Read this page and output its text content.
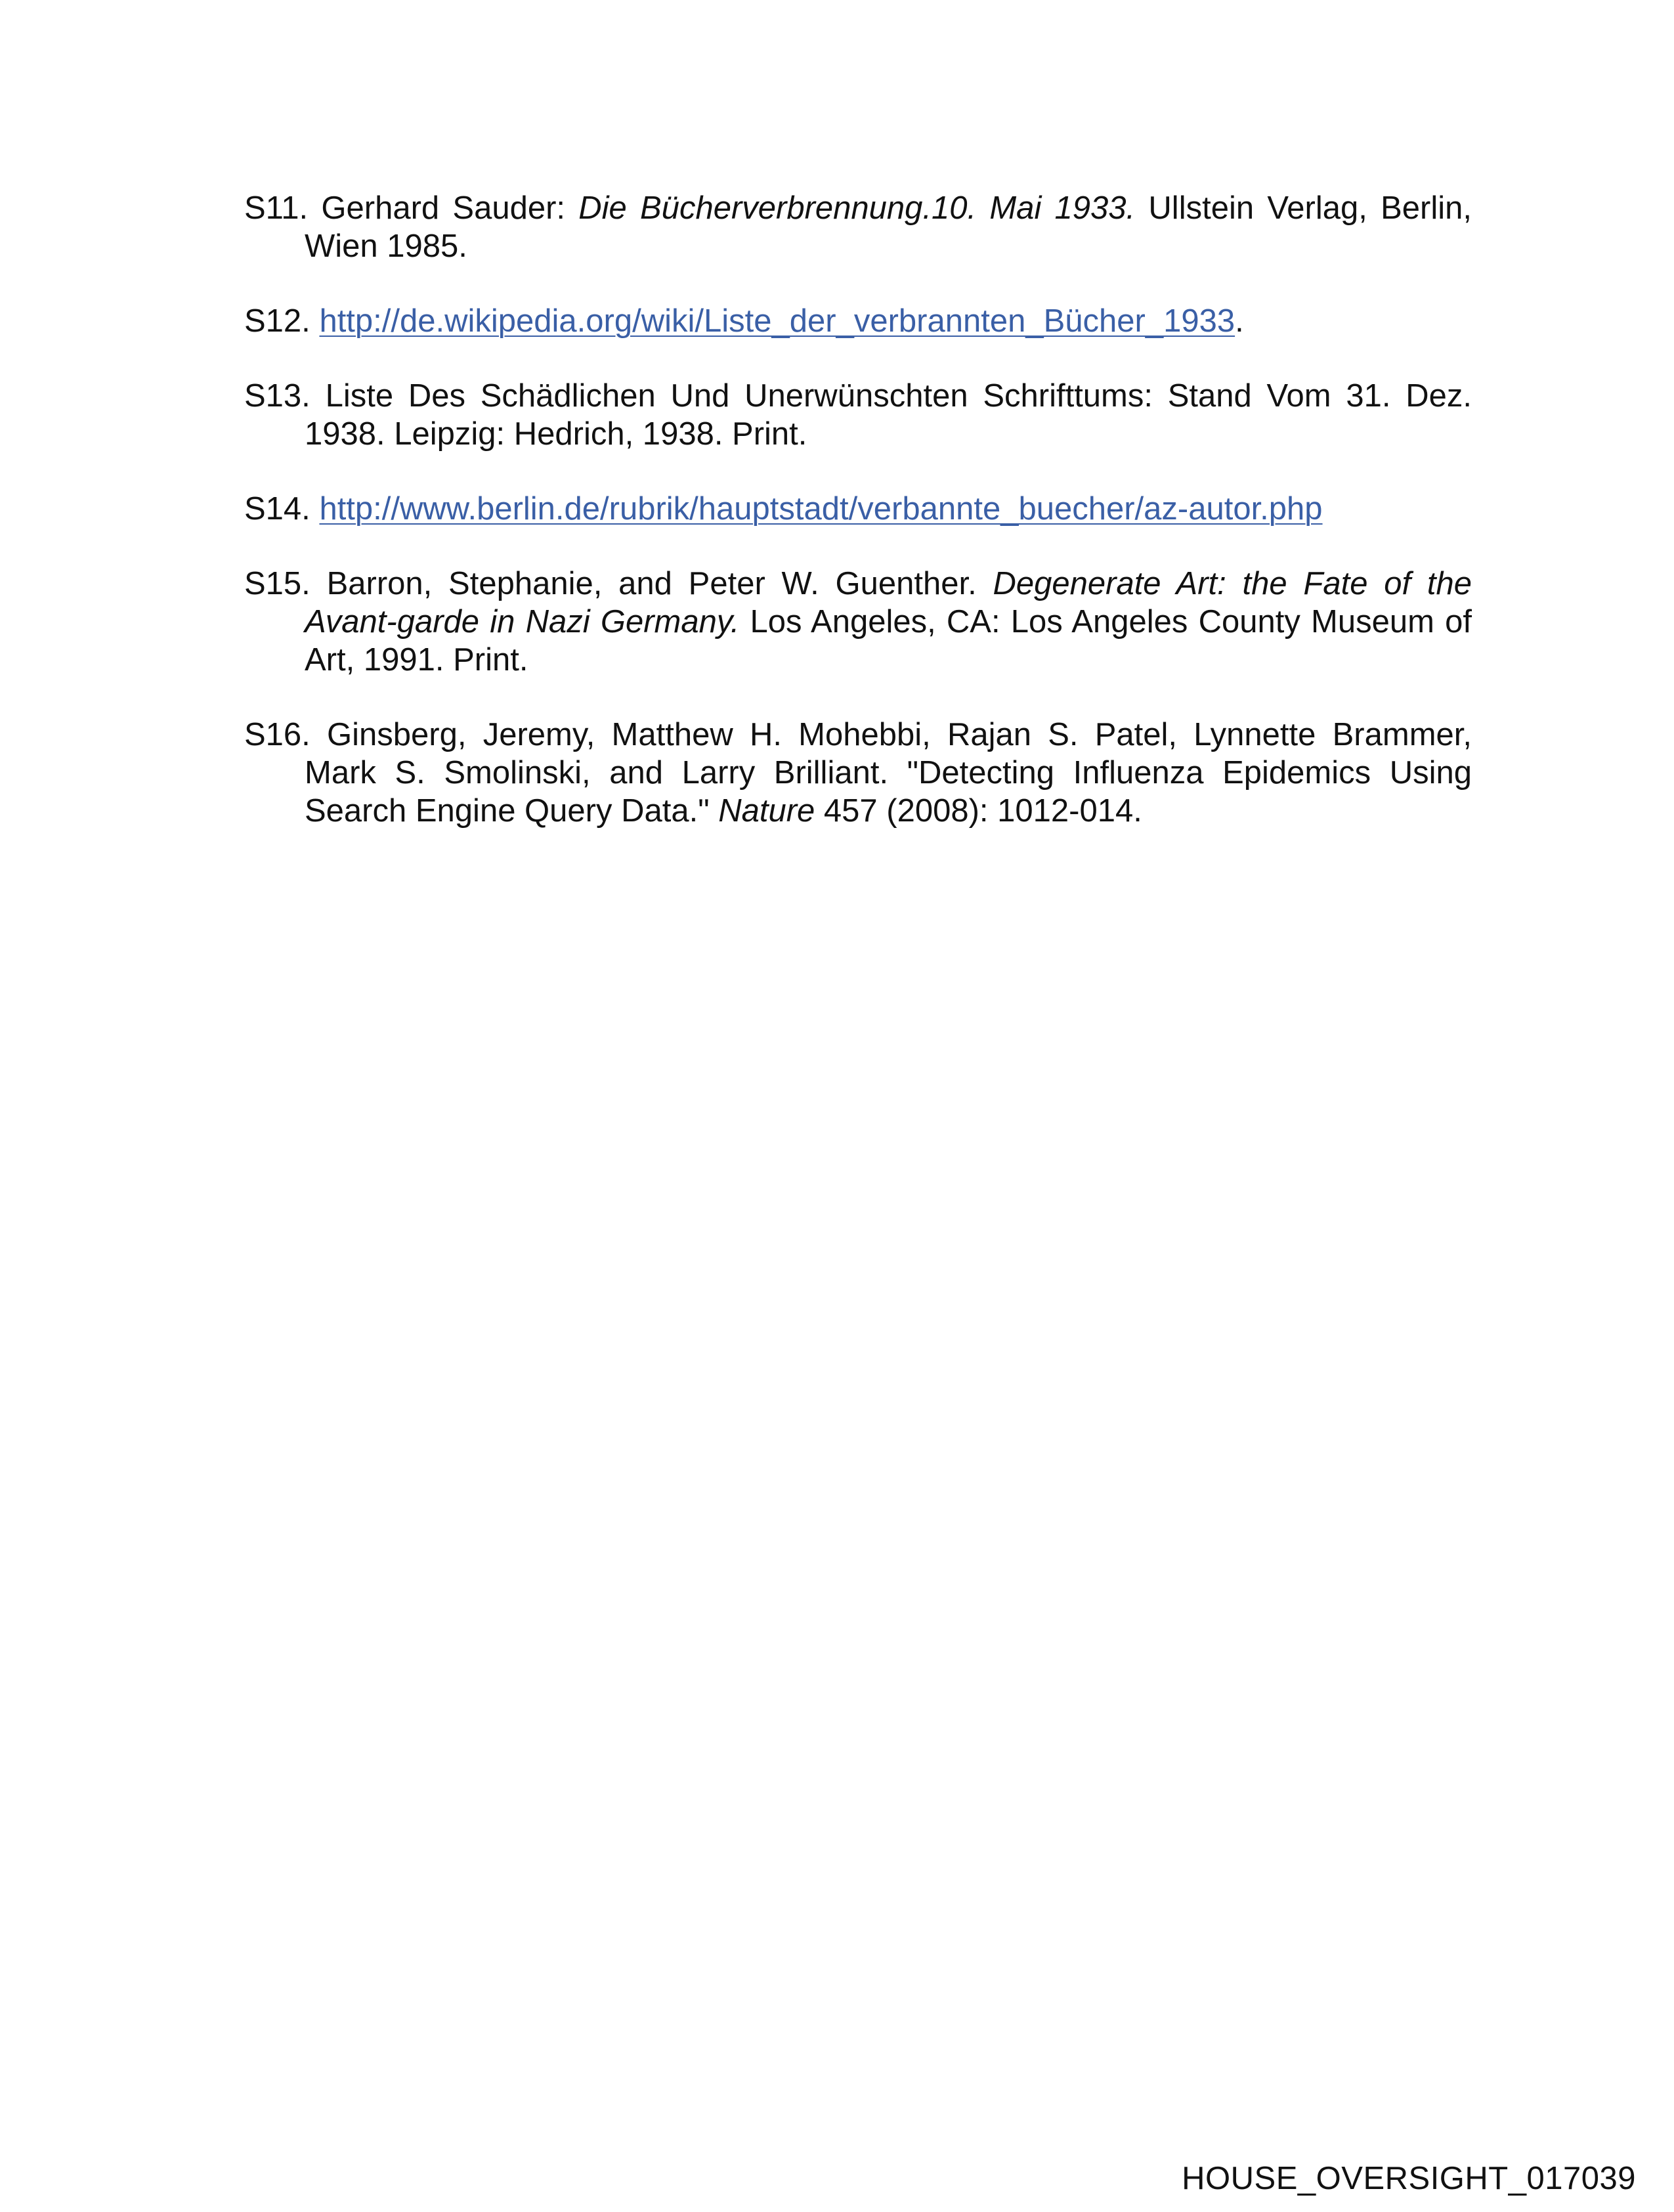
S11. Gerhard Sauder: Die Bücherverbrennung.10. Mai 1933. Ullstein Verlag, Berlin, Wien 1985.
S12. http://de.wikipedia.org/wiki/Liste_der_verbrannten_Bücher_1933.
S13. Liste Des Schädlichen Und Unerwünschten Schrifttums: Stand Vom 31. Dez. 1938. Leipzig: Hedrich, 1938. Print.
S14. http://www.berlin.de/rubrik/hauptstadt/verbannte_buecher/az-autor.php
S15. Barron, Stephanie, and Peter W. Guenther. Degenerate Art: the Fate of the Avant-garde in Nazi Germany. Los Angeles, CA: Los Angeles County Museum of Art, 1991. Print.
S16. Ginsberg, Jeremy, Matthew H. Mohebbi, Rajan S. Patel, Lynnette Brammer, Mark S. Smolinski, and Larry Brilliant. "Detecting Influenza Epidemics Using Search Engine Query Data." Nature 457 (2008): 1012-014.
HOUSE_OVERSIGHT_017039
